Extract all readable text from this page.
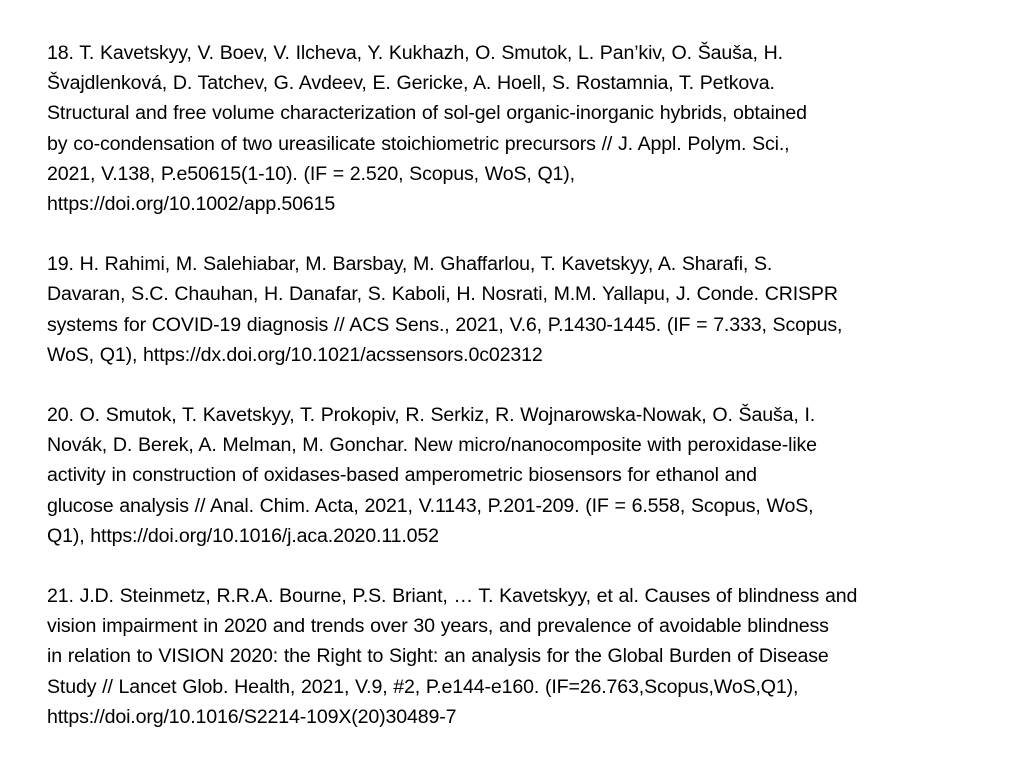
18. T. Kavetskyy, V. Boev, V. Ilcheva, Y. Kukhazh, O. Smutok, L. Pan’kiv, O. Šauša, H.
Švajdlenková, D. Tatchev, G. Avdeev, E. Gericke, A. Hoell, S. Rostamnia, T. Petkova.
Structural and free volume characterization of sol-gel organic-inorganic hybrids, obtained
by co-condensation of two ureasilicate stoichiometric precursors // J. Appl. Polym. Sci.,
2021, V.138, P.e50615(1-10). (IF = 2.520, Scopus, WoS, Q1),
https://doi.org/10.1002/app.50615
19. H. Rahimi, M. Salehiabar, M. Barsbay, M. Ghaffarlou, T. Kavetskyy, A. Sharafi, S.
Davaran, S.C. Chauhan, H. Danafar, S. Kaboli, H. Nosrati, M.M. Yallapu, J. Conde. CRISPR
systems for COVID-19 diagnosis // ACS Sens., 2021, V.6, P.1430-1445. (IF = 7.333, Scopus,
WoS, Q1), https://dx.doi.org/10.1021/acssensors.0c02312
20. O. Smutok, T. Kavetskyy, T. Prokopiv, R. Serkiz, R. Wojnarowska-Nowak, O. Šauša, I.
Novák, D. Berek, A. Melman, M. Gonchar. New micro/nanocomposite with peroxidase-like
activity in construction of oxidases-based amperometric biosensors for ethanol and
glucose analysis // Anal. Chim. Acta, 2021, V.1143, P.201-209. (IF = 6.558, Scopus, WoS,
Q1), https://doi.org/10.1016/j.aca.2020.11.052
21. J.D. Steinmetz, R.R.A. Bourne, P.S. Briant, … T. Kavetskyy, et al. Causes of blindness and
vision impairment in 2020 and trends over 30 years, and prevalence of avoidable blindness
in relation to VISION 2020: the Right to Sight: an analysis for the Global Burden of Disease
Study // Lancet Glob. Health, 2021, V.9, #2, P.e144-e160. (IF=26.763,Scopus,WoS,Q1),
https://doi.org/10.1016/S2214-109X(20)30489-7
